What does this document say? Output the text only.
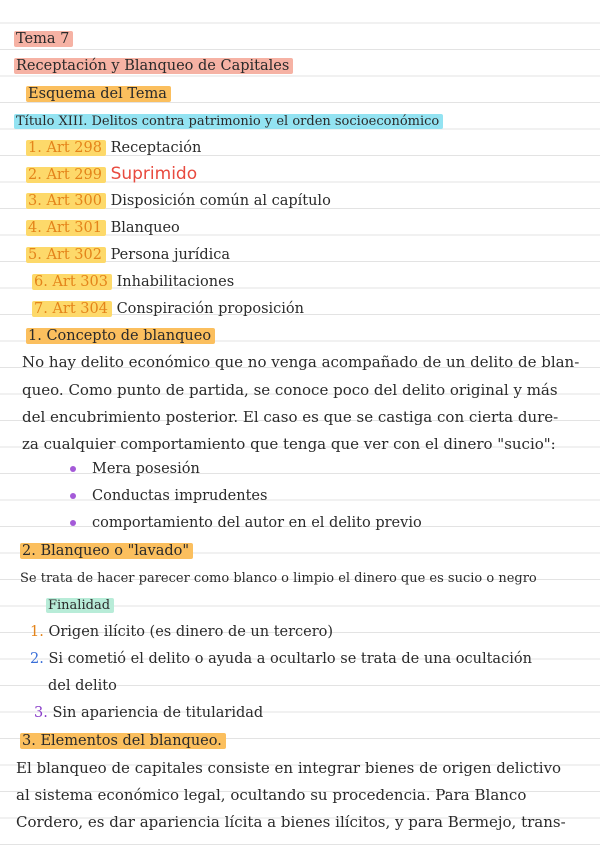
Tema 7
Receptación y Blanqueo de Capitales
Esquema del Tema
Título XIII. Delitos contra patrimonio y el orden socioeconómico
1. Art 298 Receptación
2. Art 299 Suprimido
3. Art 300 Disposición común al capítulo
4. Art 301 Blanqueo
5. Art 302 Persona jurídica
6. Art 303 Inhabilitaciones
7. Art 304 Conspiración proposición
1. Concepto de blanqueo
No hay delito económico que no venga acompañado de un delito de blan-
queo. Como punto de partida, se conoce poco del delito original y más
del encubrimiento posterior. El caso es que se castiga con cierta dure-
za cualquier comportamiento que tenga que ver con el dinero "sucio":
Mera posesión
Conductas imprudentes
comportamiento del autor en el delito previo
2. Blanqueo o "lavado"
Se trata de hacer parecer como blanco o limpio el dinero que es sucio o negro
Finalidad
1. Origen ilícito (es dinero de un tercero)
2. Si cometió el delito o ayuda a ocultarlo se trata de una ocultación
del delito
3. Sin apariencia de titularidad
3. Elementos del blanqueo.
El blanqueo de capitales consiste en integrar bienes de origen delictivo
al sistema económico legal, ocultando su procedencia. Para Blanco
Cordero, es dar apariencia lícita a bienes ilícitos, y para Bermejo, trans-
